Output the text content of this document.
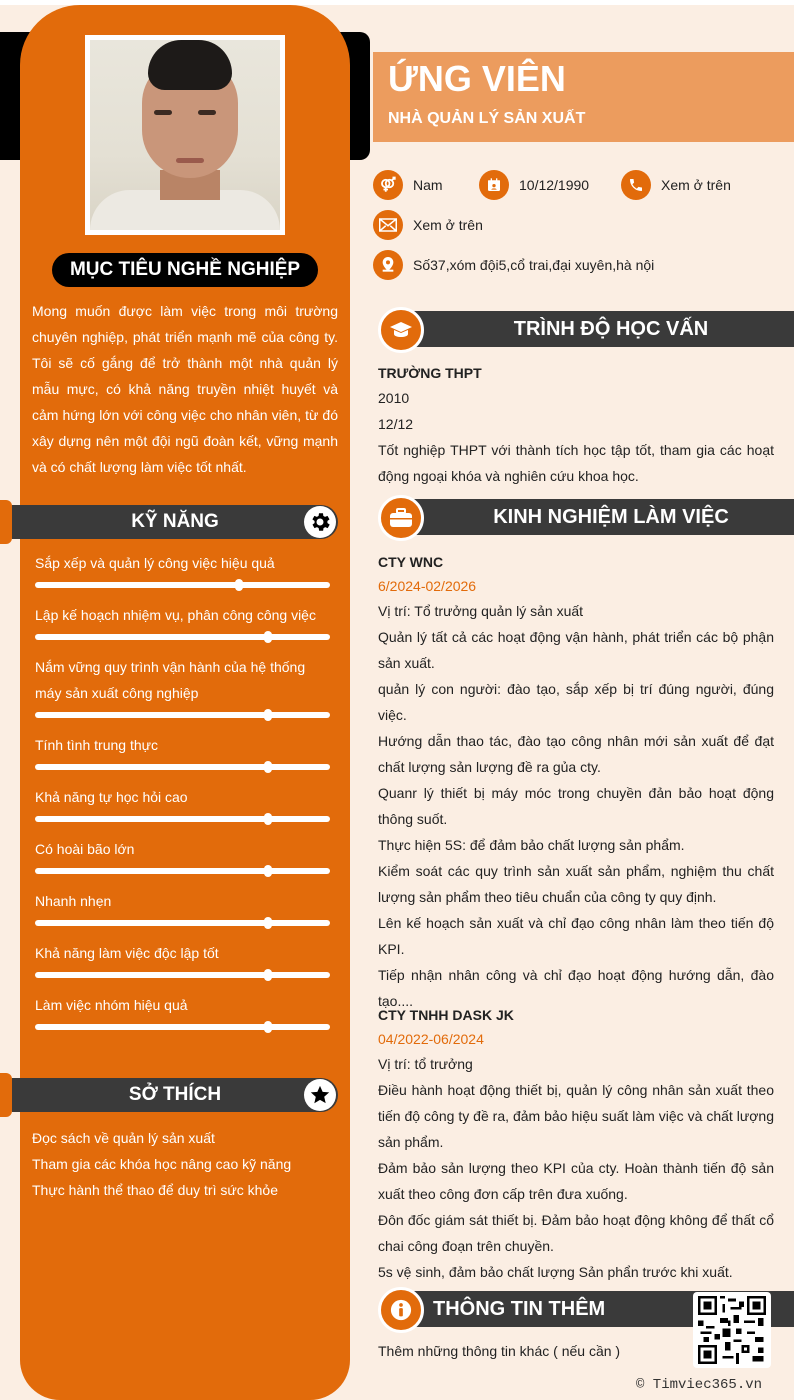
MỤC TIÊU NGHỀ NGHIỆP
Mong muốn được làm việc trong môi trường chuyên nghiệp, phát triển mạnh mẽ của công ty. Tôi sẽ cố gắng để trở thành một nhà quản lý mẫu mực, có khả năng truyền nhiệt huyết và cảm hứng lớn với công việc cho nhân viên, từ đó xây dựng nên một đội ngũ đoàn kết, vững mạnh và có chất lượng làm việc tốt nhất.
KỸ NĂNG
Sắp xếp và quản lý công việc hiệu quả
Lập kế hoạch nhiệm vụ, phân công công việc
Nắm vững quy trình vận hành của hệ thống máy sản xuất công nghiệp
Tính tình trung thực
Khả năng tự học hỏi cao
Có hoài bão lớn
Nhanh nhẹn
Khả năng làm việc độc lập tốt
Làm việc nhóm hiệu quả
SỞ THÍCH
Đọc sách về quản lý sản xuất
Tham gia các khóa học nâng cao kỹ năng
Thực hành thể thao để duy trì sức khỏe
ỨNG VIÊN
NHÀ QUẢN LÝ SẢN XUẤT
Nam	10/12/1990	Xem ở trên
Xem ở trên
Số37,xóm đội5,cổ trai,đại xuyên,hà nội
TRÌNH ĐỘ HỌC VẤN
TRƯỜNG THPT
2010
12/12
Tốt nghiệp THPT với thành tích học tập tốt, tham gia các hoạt động ngoại khóa và nghiên cứu khoa học.
KINH NGHIỆM LÀM VIỆC
CTY WNC
6/2024-02/2026
Vị trí: Tổ trưởng quản lý sản xuất
Quản lý tất cả các hoạt động vận hành, phát triển các bộ phận sản xuất.
quản lý con người: đào tạo, sắp xếp bị trí đúng người, đúng việc.
Hướng dẫn thao tác, đào tạo công nhân mới sản xuất để đạt chất lượng sản lượng đề ra gủa cty.
Quanr lý thiết bị máy móc trong chuyền đản bảo hoạt động thông suốt.
Thực hiện 5S: để đảm bảo chất lượng sản phẩm.
Kiểm soát các quy trình sản xuất sản phẩm, nghiệm thu chất lượng sản phẩm theo tiêu chuẩn của công ty quy định.
Lên kế hoạch sản xuất và chỉ đạo công nhân làm theo tiến độ KPI.
Tiếp nhận nhân công và chỉ đạo hoạt động hướng dẫn, đào tạo....
CTY TNHH DASK JK
04/2022-06/2024
Vị trí: tổ trưởng
Điều hành hoạt động thiết bị, quản lý công nhân sản xuất theo tiến độ công ty đề ra, đảm bảo hiệu suất làm việc và chất lượng sản phẩm.
Đảm bảo sản lượng theo KPI của cty. Hoàn thành tiến độ sản xuất theo công đơn cấp trên đưa xuống.
Đôn đốc giám sát thiết bị. Đảm bảo hoạt động không để thất cổ chai công đoạn trên chuyền.
5s vệ sinh, đảm bảo chất lượng Sản phẩn trước khi xuất.
THÔNG TIN THÊM
Thêm những thông tin khác ( nếu cần )
© Timviec365.vn
